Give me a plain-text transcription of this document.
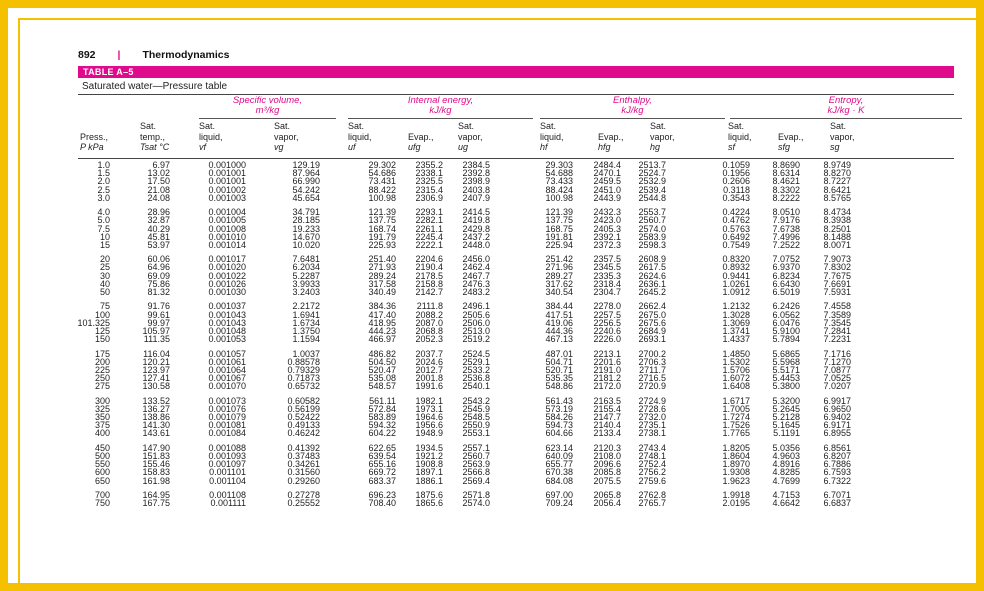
892 | Thermodynamics
TABLE A–5
Saturated water—Pressure table
Specific volume,
m³/kg
Internal energy,
kJ/kg
Enthalpy,
kJ/kg
Entropy,
kJ/kg · K

Press.,
P kPa
Sat.
temp.,
Tsat °C
Sat.
liquid,
vf
Sat.
vapor,
vg
Sat.
liquid,
uf

Evap.,
ufg
Sat.
vapor,
ug
Sat.
liquid,
hf

Evap.,
hfg
Sat.
vapor,
hg
Sat.
liquid,
sf

Evap.,
sfg
Sat.
vapor,
sg
1.0	6.97	0.001000	129.19	29.302 2355.2 2384.5	29.303 2484.4 2513.7	0.1059 8.8690	8.9749
1.5	13.02	0.001001	87.964	54.686 2338.1 2392.8	54.688 2470.1 2524.7	0.1956 8.6314	8.8270
2.0	17.50	0.001001	66.990	73.431 2325.5 2398.9	73.433 2459.5 2532.9	0.2606 8.4621	8.7227
2.5	21.08	0.001002	54.242	88.422 2315.4 2403.8	88.424 2451.0 2539.4	0.3118 8.3302	8.6421
3.0	24.08	0.001003	45.654	100.98 2306.9 2407.9	100.98 2443.9 2544.8	0.3543 8.2222	8.5765
4.0	28.96	0.001004	34.791	121.39 2293.1 2414.5	121.39 2432.3 2553.7	0.4224 8.0510	8.4734
5.0	32.87	0.001005	28.185	137.75 2282.1 2419.8	137.75 2423.0 2560.7	0.4762 7.9176	8.3938
7.5	40.29	0.001008	19.233	168.74 2261.1 2429.8	168.75 2405.3 2574.0	0.5763 7.6738	8.2501
10	45.81	0.001010	14.670	191.79 2245.4 2437.2	191.81 2392.1 2583.9	0.6492 7.4996	8.1488
15	53.97	0.001014	10.020	225.93 2222.1 2448.0	225.94 2372.3 2598.3	0.7549 7.2522	8.0071
20	60.06	0.001017	7.6481	251.40 2204.6 2456.0	251.42 2357.5 2608.9	0.8320 7.0752	7.9073
25	64.96	0.001020	6.2034	271.93 2190.4 2462.4	271.96 2345.5 2617.5	0.8932 6.9370	7.8302
30	69.09	0.001022	5.2287	289.24 2178.5 2467.7	289.27 2335.3 2624.6	0.9441 6.8234	7.7675
40	75.86	0.001026	3.9933	317.58 2158.8 2476.3	317.62 2318.4 2636.1	1.0261 6.6430	7.6691
50	81.32	0.001030	3.2403	340.49 2142.7 2483.2	340.54 2304.7 2645.2	1.0912 6.5019	7.5931
75	91.76	0.001037	2.2172	384.36 2111.8 2496.1	384.44 2278.0 2662.4	1.2132 6.2426	7.4558
100	99.61	0.001043	1.6941	417.40 2088.2 2505.6	417.51 2257.5 2675.0	1.3028 6.0562	7.3589
101.325	99.97	0.001043	1.6734	418.95 2087.0 2506.0	419.06 2256.5 2675.6	1.3069 6.0476	7.3545
125	105.97	0.001048	1.3750	444.23 2068.8 2513.0	444.36 2240.6 2684.9	1.3741 5.9100	7.2841
150	111.35	0.001053	1.1594	466.97 2052.3 2519.2	467.13 2226.0 2693.1	1.4337 5.7894	7.2231
175	116.04	0.001057	1.0037	486.82 2037.7 2524.5	487.01 2213.1 2700.2	1.4850 5.6865	7.1716
200	120.21	0.001061	0.88578	504.50 2024.6 2529.1	504.71 2201.6 2706.3	1.5302 5.5968	7.1270
225	123.97	0.001064	0.79329	520.47 2012.7 2533.2	520.71 2191.0 2711.7	1.5706 5.5171	7.0877
250	127.41	0.001067	0.71873	535.08 2001.8 2536.8	535.35 2181.2 2716.5	1.6072 5.4453	7.0525
275	130.58	0.001070	0.65732	548.57 1991.6 2540.1	548.86 2172.0 2720.9	1.6408 5.3800	7.0207
300	133.52	0.001073	0.60582	561.11 1982.1 2543.2	561.43 2163.5 2724.9	1.6717 5.3200	6.9917
325	136.27	0.001076	0.56199	572.84 1973.1 2545.9	573.19 2155.4 2728.6	1.7005 5.2645	6.9650
350	138.86	0.001079	0.52422	583.89 1964.6 2548.5	584.26 2147.7 2732.0	1.7274 5.2128	6.9402
375	141.30	0.001081	0.49133	594.32 1956.6 2550.9	594.73 2140.4 2735.1	1.7526 5.1645	6.9171
400	143.61	0.001084	0.46242	604.22 1948.9 2553.1	604.66 2133.4 2738.1	1.7765	5.1191	6.8955
450	147.90	0.001088	0.41392	622.65 1934.5 2557.1	623.14 2120.3 2743.4	1.8205 5.0356	6.8561
500	151.83	0.001093	0.37483	639.54 1921.2 2560.7	640.09 2108.0 2748.1	1.8604 4.9603	6.8207
550	155.46	0.001097	0.34261	655.16 1908.8 2563.9	655.77 2096.6 2752.4	1.8970 4.8916	6.7886
600	158.83	0.001101	0.31560	669.72 1897.1 2566.8	670.38 2085.8 2756.2	1.9308 4.8285	6.7593
650	161.98	0.001104	0.29260	683.37 1886.1 2569.4	684.08 2075.5 2759.6	1.9623 4.7699	6.7322
700	164.95	0.001108	0.27278	696.23 1875.6 2571.8	697.00 2065.8 2762.8	1.9918 4.7153	6.7071
750	167.75	0.001111	0.25552	708.40 1865.6 2574.0	709.24 2056.4 2765.7	2.0195 4.6642	6.6837
